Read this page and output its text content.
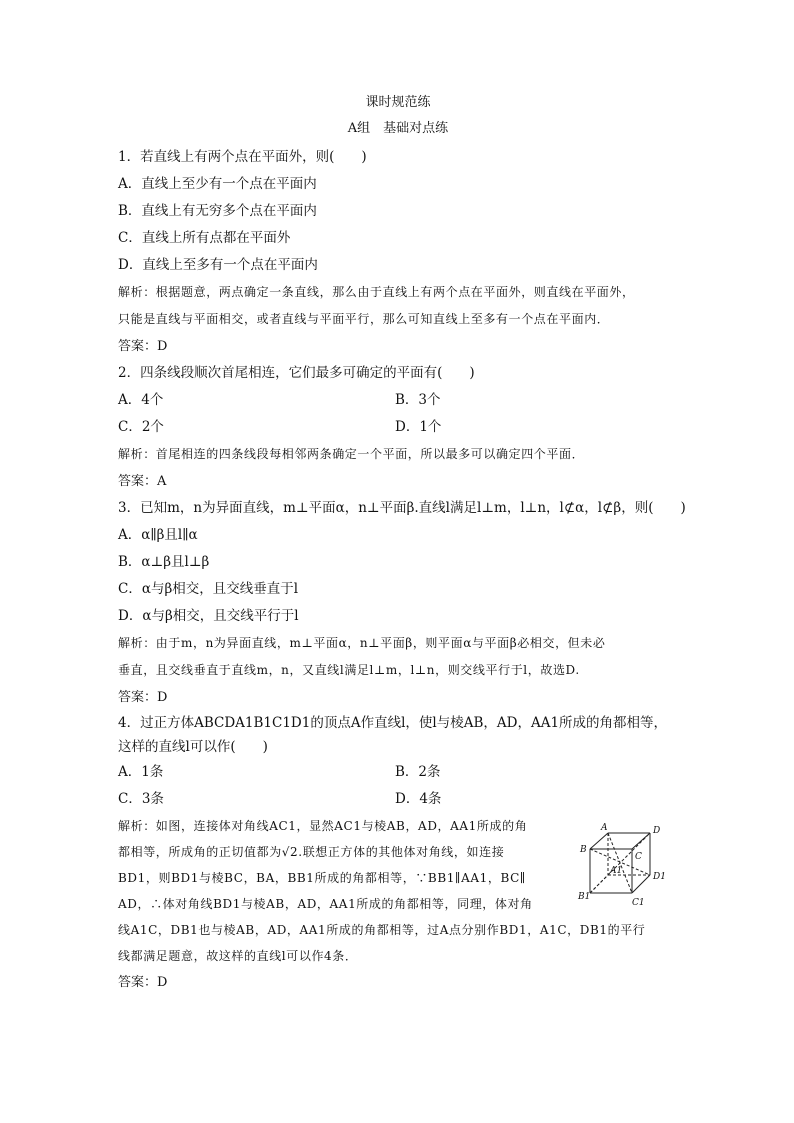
课时规范练
A组　基础对点练

1．若直线上有两个点在平面外，则(　　)

A．直线上至少有一个点在平面内

B．直线上有无穷多个点在平面内

C．直线上所有点都在平面外

D．直线上至多有一个点在平面内

解析：根据题意，两点确定一条直线，那么由于直线上有两个点在平面外，则直线在平面外，

只能是直线与平面相交，或者直线与平面平行，那么可知直线上至多有一个点在平面内．

答案：D

2．四条线段顺次首尾相连，它们最多可确定的平面有(　　)

A．4个	B．3个
C．2个	D．1个

解析：首尾相连的四条线段每相邻两条确定一个平面，所以最多可以确定四个平面．

答案：A

3．已知m，n为异面直线，m⊥平面α，n⊥平面β.直线l满足l⊥m，l⊥n，l⊄α，l⊄β，则(　　)

A．α∥β且l∥α

B．α⊥β且l⊥β

C．α与β相交，且交线垂直于l

D．α与β相交，且交线平行于l

解析：由于m，n为异面直线，m⊥平面α，n⊥平面β，则平面α与平面β必相交，但未必

垂直，且交线垂直于直线m，n，又直线l满足l⊥m，l⊥n，则交线平行于l，故选D.

答案：D

4．过正方体ABCDA1B1C1D1的顶点A作直线l，使l与棱AB，AD，AA1所成的角都相等，这样的直线l可以作(　　)

A．1条	B．2条
C．3条	D．4条

解析：如图，连接体对角线AC1，显然AC1与棱AB，AD，AA1所成的角

都相等，所成角的正切值都为√2.联想正方体的其他体对角线，如连接

BD1，则BD1与棱BC，BA，BB1所成的角都相等，∵BB1∥AA1，BC∥

AD，∴体对角线BD1与棱AB，AD，AA1所成的角都相等，同理，体对角

线A1C，DB1也与棱AB，AD，AA1所成的角都相等，过A点分别作BD1，A1C，DB1的平行

线都满足题意，故这样的直线l可以作4条．

A	D
B
C
A1
D1
B1
C1

答案：D
